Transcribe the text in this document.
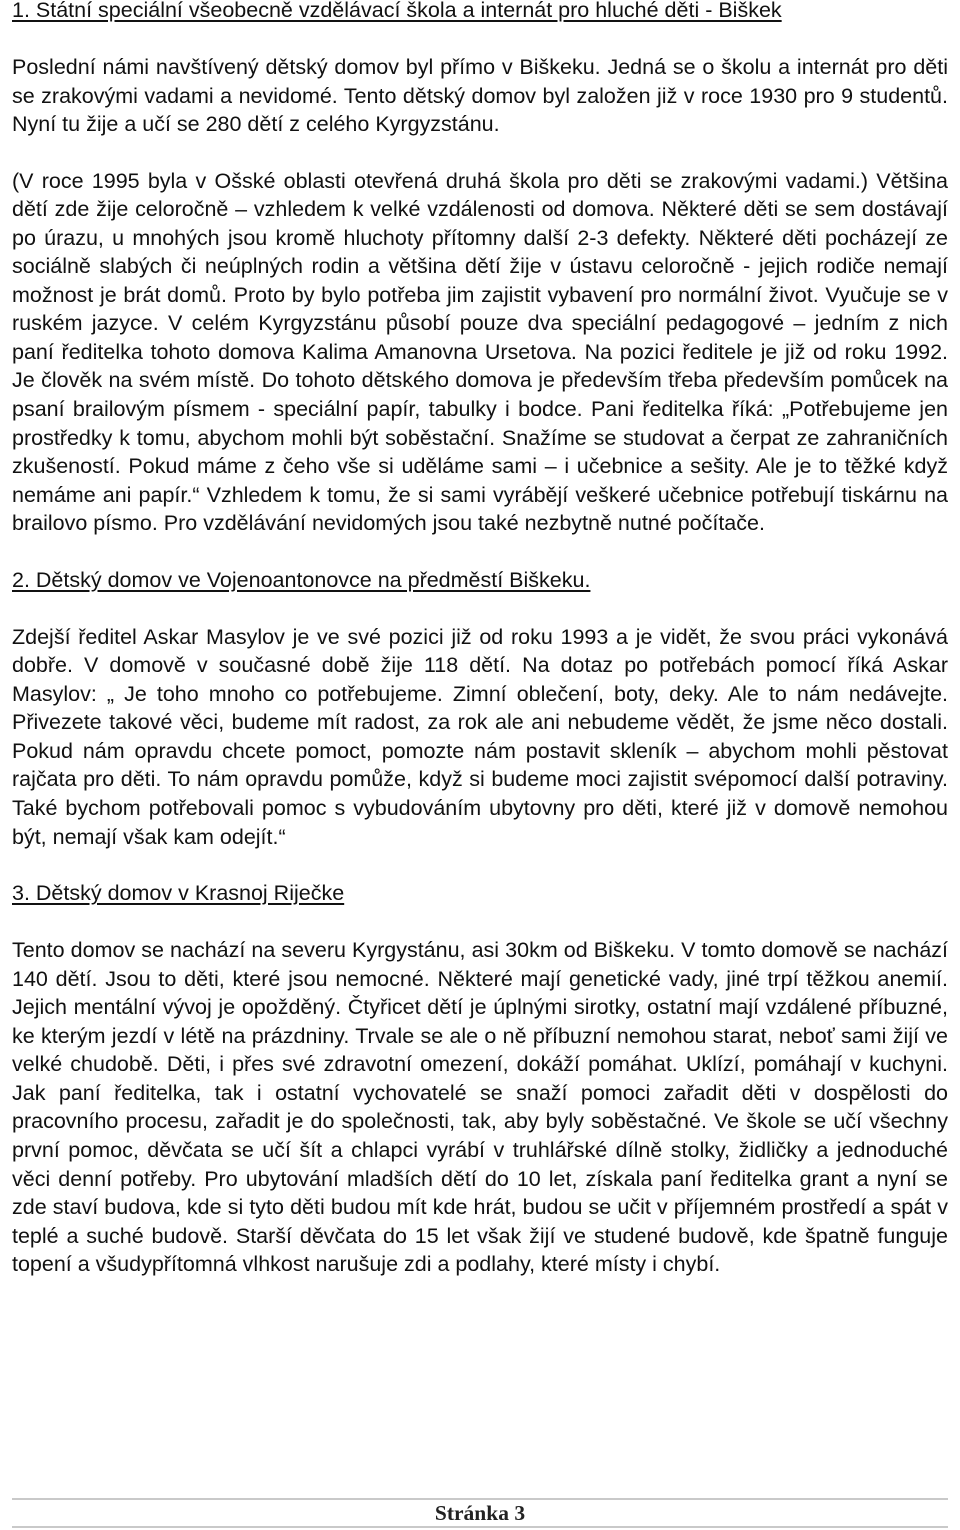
1. Státní speciální všeobecně vzdělávací škola a internát pro hluché děti - Biškek

Poslední námi navštívený dětský domov byl přímo v Biškeku. Jedná se o školu a internát pro děti se zrakovými vadami a nevidomé. Tento dětský domov byl založen již v roce 1930 pro 9 studentů. Nyní tu žije a učí se 280 dětí z celého Kyrgyzstánu.

(V roce 1995 byla v Ošské oblasti otevřená druhá škola pro děti se zrakovými vadami.) Většina dětí zde žije celoročně – vzhledem k velké vzdálenosti od domova. Některé děti se sem dostávají po úrazu, u mnohých jsou kromě hluchoty přítomny další 2-3 defekty. Některé děti pocházejí ze sociálně slabých či neúplných rodin a většina dětí žije v ústavu celoročně - jejich rodiče nemají možnost je brát domů. Proto by bylo potřeba jim zajistit vybavení pro normální život. Vyučuje se v ruském jazyce. V celém Kyrgyzstánu působí pouze dva speciální pedagogové – jedním z nich paní ředitelka tohoto domova Kalima Amanovna Ursetova. Na pozici ředitele je již od roku 1992. Je člověk na svém místě. Do tohoto dětského domova je především třeba především pomůcek na psaní brailovým písmem - speciální papír, tabulky i bodce. Pani ředitelka říká: „Potřebujeme jen prostředky k tomu, abychom mohli být soběstační. Snažíme se studovat a čerpat ze zahraničních zkušeností. Pokud máme z čeho vše si uděláme sami – i učebnice a sešity. Ale je to těžké když nemáme ani papír.“ Vzhledem k tomu, že si sami vyrábějí veškeré učebnice potřebují tiskárnu na brailovo písmo. Pro vzdělávání nevidomých jsou také nezbytně nutné počítače.

2. Dětský domov ve Vojenoantonovce na předměstí Biškeku.

Zdejší ředitel Askar Masylov je ve své pozici již od roku 1993 a je vidět, že svou práci vykonává dobře. V domově v současné době žije 118 dětí. Na dotaz po potřebách pomocí říká Askar Masylov: „ Je toho mnoho co potřebujeme. Zimní oblečení, boty, deky. Ale to nám nedávejte. Přivezete takové věci, budeme mít radost, za rok ale ani nebudeme vědět, že jsme něco dostali. Pokud nám opravdu chcete pomoct, pomozte nám postavit skleník – abychom mohli pěstovat rajčata pro děti. To nám opravdu pomůže, když si budeme moci zajistit svépomocí další potraviny. Také bychom potřebovali pomoc s vybudováním ubytovny pro děti, které již v domově nemohou být, nemají však kam odejít.“

3. Dětský domov v Krasnoj Riječke

Tento domov se nachází na severu Kyrgystánu, asi 30km od Biškeku. V tomto domově se nachází 140 dětí. Jsou to děti, které jsou nemocné. Některé mají genetické vady, jiné trpí těžkou anemií. Jejich mentální vývoj je opožděný. Čtyřicet dětí je úplnými sirotky, ostatní mají vzdálené příbuzné, ke kterým jezdí v létě na prázdniny. Trvale se ale o ně příbuzní nemohou starat, neboť sami žijí ve velké chudobě. Děti, i přes své zdravotní omezení, dokáží pomáhat. Uklízí, pomáhají v kuchyni. Jak paní ředitelka, tak i ostatní vychovatelé se snaží pomoci zařadit děti v dospělosti do pracovního procesu, zařadit je do společnosti, tak, aby byly soběstačné. Ve škole se učí všechny první pomoc, děvčata se učí šít a chlapci vyrábí v truhlářské dílně stolky, židličky a jednoduché věci denní potřeby. Pro ubytování mladších dětí do 10 let, získala paní ředitelka grant a nyní se zde staví budova, kde si tyto děti budou mít kde hrát, budou se učit v příjemném prostředí a spát v teplé a suché budově. Starší děvčata do 15 let však žijí ve studené budově, kde špatně funguje topení a všudypřítomná vlhkost narušuje zdi a podlahy, které místy i chybí.

Stránka 3
